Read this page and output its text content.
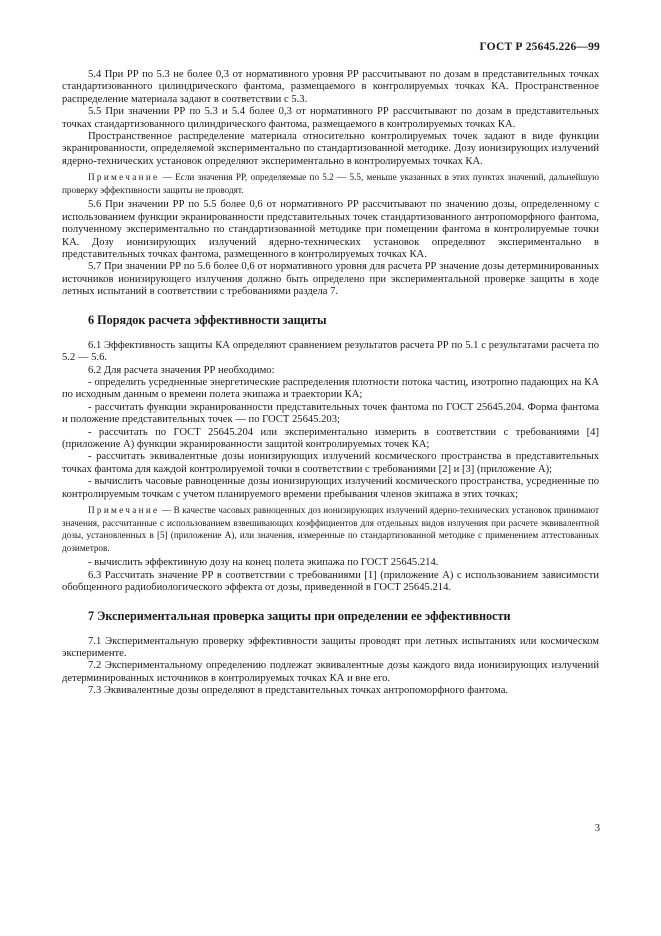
ГОСТ Р 25645.226—99

5.4 При РР по 5.3 не более 0,3 от нормативного уровня РР рассчитывают по дозам в представительных точках стандартизованного цилиндрического фантома, размещаемого в контролируемых точках КА. Пространственное распределение материала задают в соответствии с 5.3.

5.5 При значении РР по 5.3 и 5.4 более 0,3 от нормативного РР рассчитывают по дозам в представительных точках стандартизованного цилиндрического фантома, размещаемого в контролируемых точках КА.

Пространственное распределение материала относительно контролируемых точек задают в виде функции экранированности, определяемой экспериментально по стандартизованной методике. Дозу ионизирующих излучений ядерно-технических установок определяют экспериментально в контролируемых точках КА.

Примечание — Если значения РР, определяемые по 5.2 — 5.5, меньше указанных в этих пунктах значений, дальнейшую проверку эффективности защиты не проводят.

5.6 При значении РР по 5.5 более 0,6 от нормативного РР рассчитывают по значению дозы, определенному с использованием функции экранированности представительных точек стандартизованного антропоморфного фантома, полученному экспериментально по стандартизованной методике при помещении фантома в контролируемые точки КА. Дозу ионизирующих излучений ядерно-технических установок определяют экспериментально в представительных точках фантома, размещенного в контролируемых точках КА.

5.7 При значении РР по 5.6 более 0,6 от нормативного уровня для расчета РР значение дозы детерминированных источников ионизирующего излучения должно быть определено при экспериментальной проверке защиты в ходе летных испытаний в соответствии с требованиями раздела 7.

6 Порядок расчета эффективности защиты

6.1 Эффективность защиты КА определяют сравнением результатов расчета РР по 5.1 с результатами расчета по 5.2 — 5.6.

6.2 Для расчета значения РР необходимо:

- определить усредненные энергетические распределения плотности потока частиц, изотропно падающих на КА по исходным данным о времени полета экипажа и траектории КА;

- рассчитать функции экранированности представительных точек фантома по ГОСТ 25645.204. Форма фантома и положение представительных точек — по ГОСТ 25645.203;

- рассчитать по ГОСТ 25645.204 или экспериментально измерить в соответствии с требованиями [4] (приложение А) функции экранированности защитой контролируемых точек КА;

- рассчитать эквивалентные дозы ионизирующих излучений космического пространства в представительных точках фантома для каждой контролируемой точки в соответствии с требованиями [2] и [3] (приложение А);

- вычислить часовые равноценные дозы ионизирующих излучений космического пространства, усредненные по контролируемым точкам с учетом планируемого времени пребывания членов экипажа в этих точках;

Примечание — В качестве часовых равноценных доз ионизирующих излучений ядерно-технических установок принимают значения, рассчитанные с использованием взвешивающих коэффициентов для отдельных видов излучения при расчете эквивалентной дозы, установленных в [5] (приложение А), или значения, измеренные по стандартизованной методике с применением аттестованных дозиметров.

- вычислить эффективную дозу на конец полета экипажа по ГОСТ 25645.214.

6.3 Рассчитать значение РР в соответствии с требованиями [1] (приложение А) с использованием зависимости обобщенного радиобиологического эффекта от дозы, приведенной в ГОСТ 25645.214.

7 Экспериментальная проверка защиты при определении ее эффективности

7.1 Экспериментальную проверку эффективности защиты проводят при летных испытаниях или космическом эксперименте.

7.2 Экспериментальному определению подлежат эквивалентные дозы каждого вида ионизирующих излучений детерминированных источников в контролируемых точках КА и вне его.

7.3 Эквивалентные дозы определяют в представительных точках антропоморфного фантома.

3
